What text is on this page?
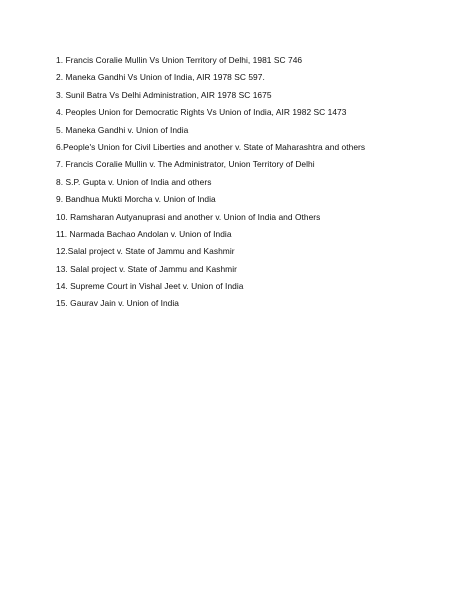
1. Francis Coralie Mullin Vs Union Territory of Delhi, 1981 SC 746
2. Maneka Gandhi Vs Union of India, AIR 1978 SC 597.
3. Sunil Batra Vs Delhi Administration, AIR 1978 SC 1675
4. Peoples Union for Democratic Rights Vs Union of India, AIR 1982 SC 1473
5. Maneka Gandhi v. Union of India
6.People's Union for Civil Liberties and another v. State of Maharashtra and others
7. Francis Coralie Mullin v. The Administrator, Union Territory of Delhi
8. S.P. Gupta v. Union of India and others
9. Bandhua Mukti Morcha v. Union of India
10. Ramsharan Autyanuprasi and another v. Union of India and Others
11. Narmada Bachao Andolan v. Union of India
12.Salal project v. State of Jammu and Kashmir
13. Salal project v. State of Jammu and Kashmir
14. Supreme Court in Vishal Jeet v. Union of India
15. Gaurav Jain v. Union of India
